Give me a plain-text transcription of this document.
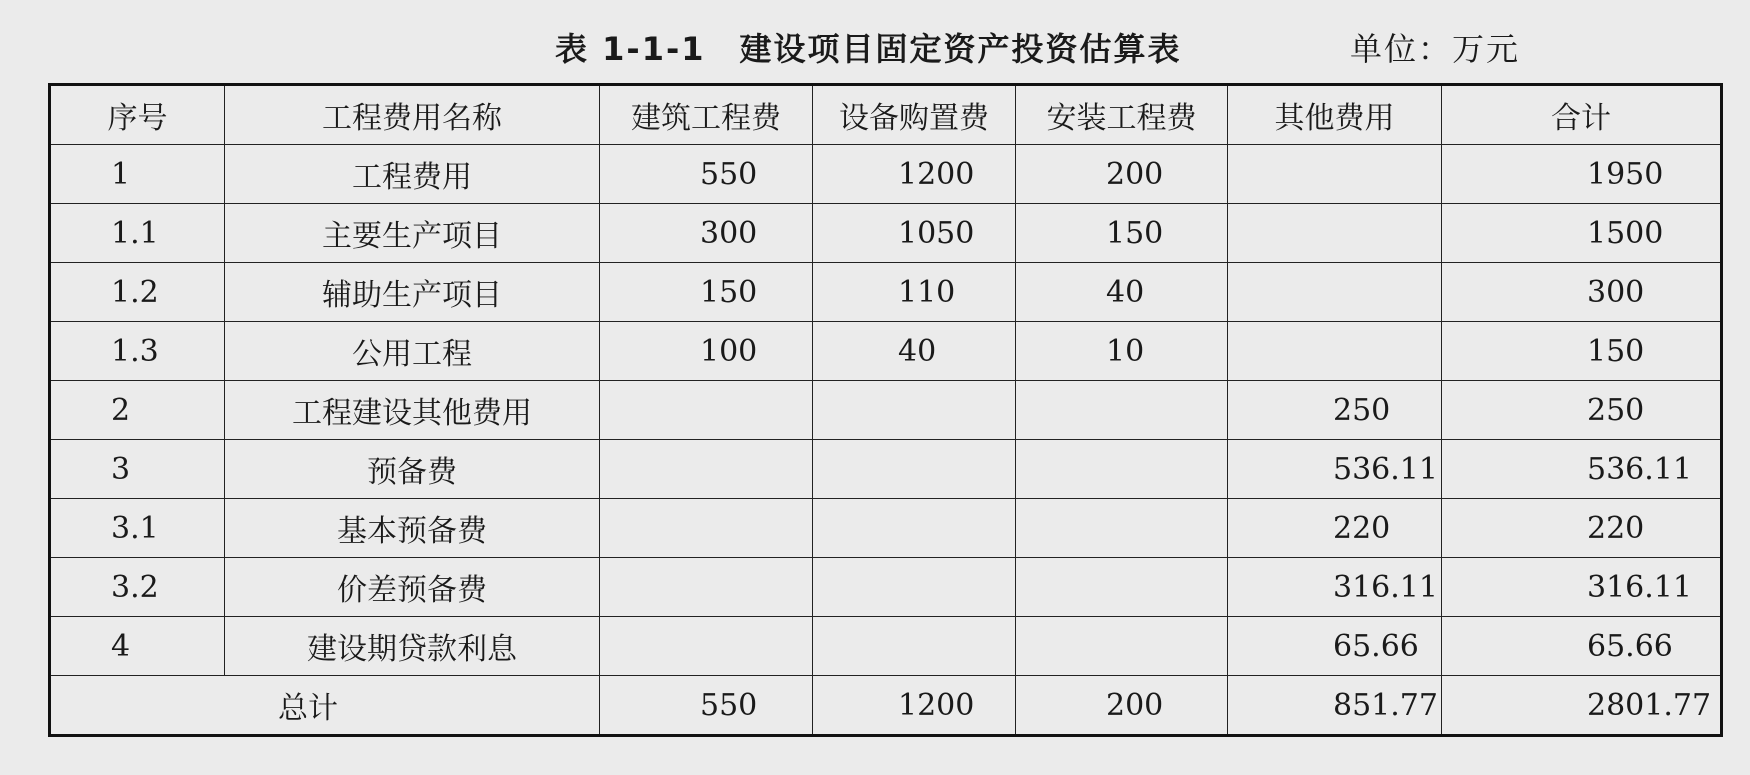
表 1-1-1　建设项目固定资产投资估算表	单位：万元
序号	工程费用名称	建筑工程费	设备购置费	安装工程费	其他费用	合计
1	工程费用	550	1200	200		1950
1.1	主要生产项目	300	1050	150		1500
1.2	辅助生产项目	150	110	40		300
1.3	公用工程	100	40	10		150
2	工程建设其他费用				250	250
3	预备费				536.11	536.11
3.1	基本预备费				220	220
3.2	价差预备费				316.11	316.11
4	建设期贷款利息				65.66	65.66
总计		550	1200	200	851.77	2801.77
